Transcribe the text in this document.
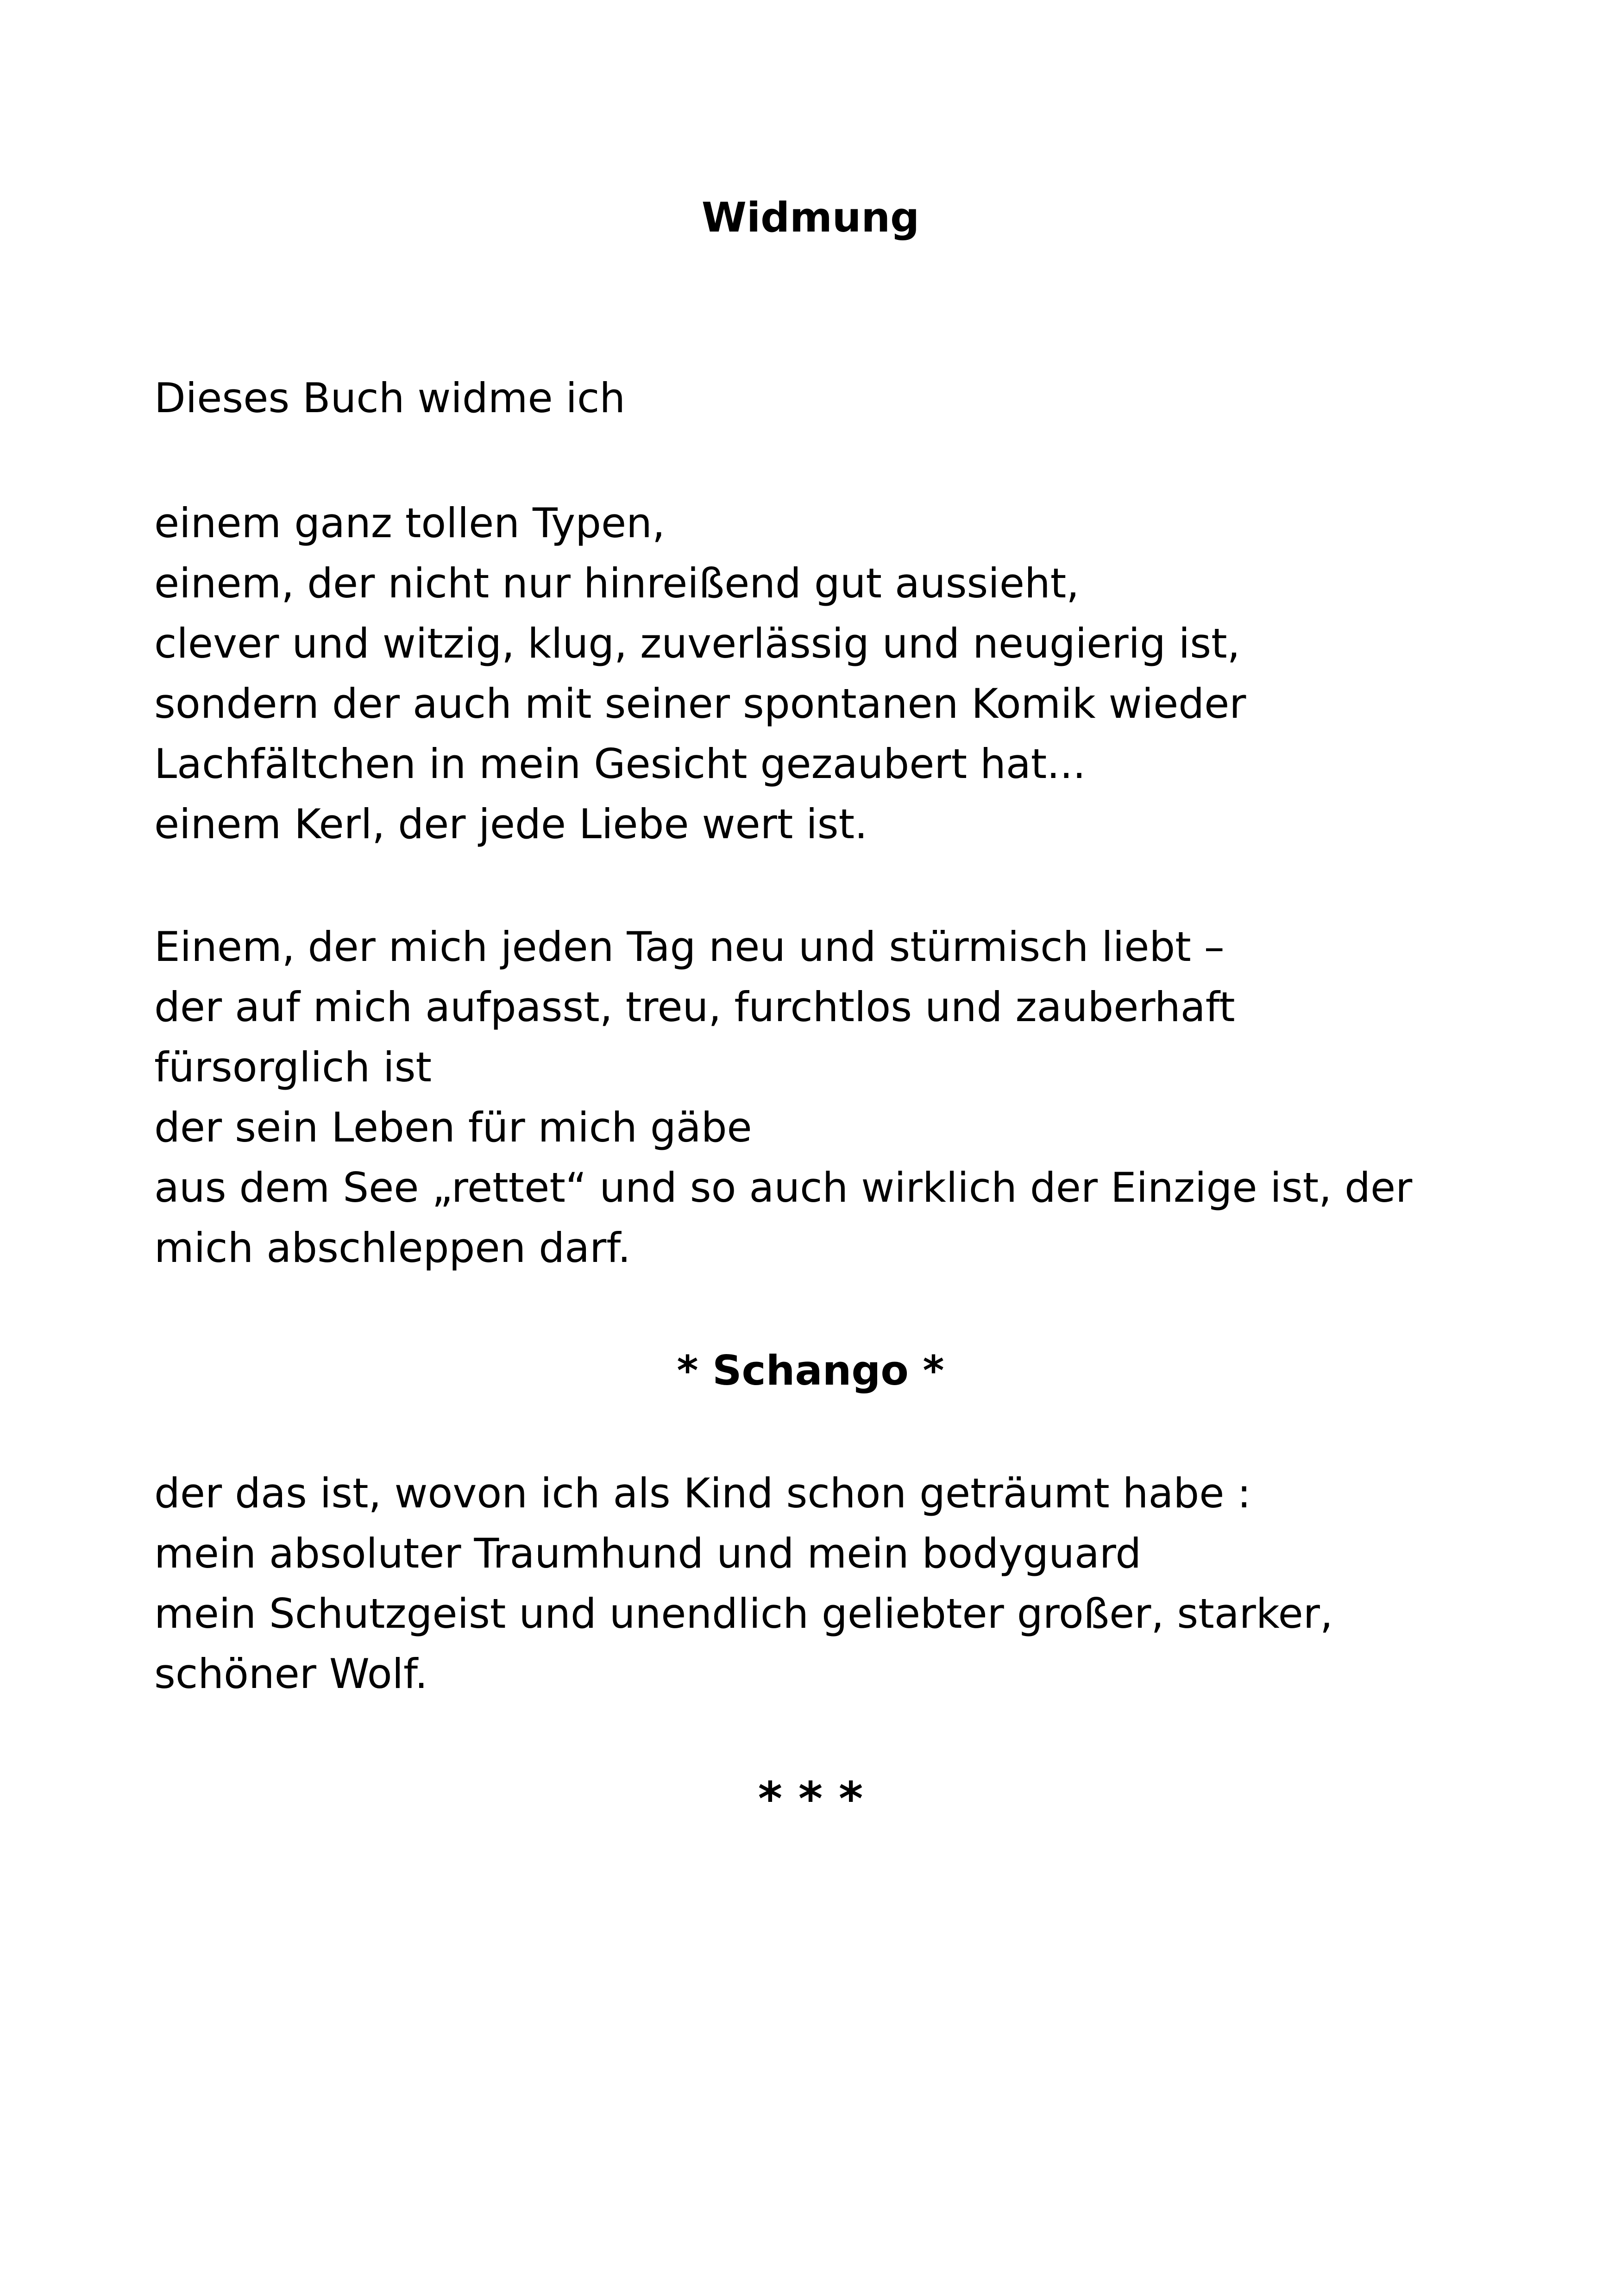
Widmung
Dieses Buch widme ich
einem ganz tollen Typen,
einem, der nicht nur hinreißend gut aussieht,
clever und witzig, klug, zuverlässig und neugierig ist,
sondern der auch mit seiner spontanen Komik wieder
Lachfältchen in mein Gesicht gezaubert hat...
einem Kerl, der jede Liebe wert ist.
Einem, der mich jeden Tag neu und stürmisch liebt –
der auf mich aufpasst, treu, furchtlos und zauberhaft
fürsorglich ist
der sein Leben für mich gäbe
aus dem See „rettet“ und so auch wirklich der Einzige ist, der
mich abschleppen darf.
* Schango *
der das ist, wovon ich als Kind schon geträumt habe :
mein absoluter Traumhund und mein bodyguard
mein Schutzgeist und unendlich geliebter großer, starker,
schöner Wolf.
* * *
